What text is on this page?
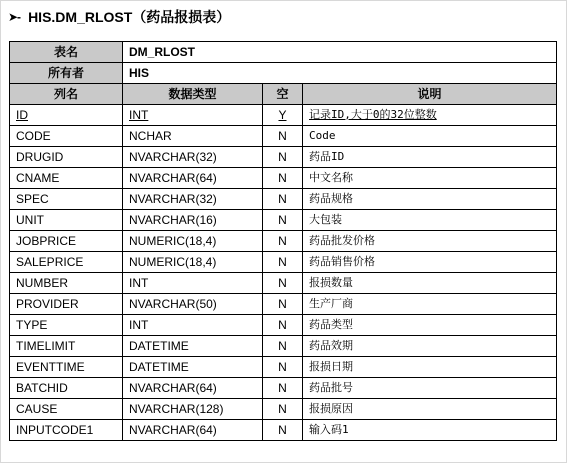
➤- HIS.DM_RLOST （药品报损表）
表名	DM_RLOST		
所有者	HIS		
列名	数据类型	空	说明
ID	INT	Y	记录ID,大于0的32位整数
CODE	NCHAR	N	Code
DRUGID	NVARCHAR(32)	N	药品ID
CNAME	NVARCHAR(64)	N	中文名称
SPEC	NVARCHAR(32)	N	药品规格
UNIT	NVARCHAR(16)	N	大包装
JOBPRICE	NUMERIC(18,4)	N	药品批发价格
SALEPRICE	NUMERIC(18,4)	N	药品销售价格
NUMBER	INT	N	报损数量
PROVIDER	NVARCHAR(50)	N	生产厂商
TYPE	INT	N	药品类型
TIMELIMIT	DATETIME	N	药品效期
EVENTTIME	DATETIME	N	报损日期
BATCHID	NVARCHAR(64)	N	药品批号
CAUSE	NVARCHAR(128)	N	报损原因
INPUTCODE1	NVARCHAR(64)	N	输入码1
